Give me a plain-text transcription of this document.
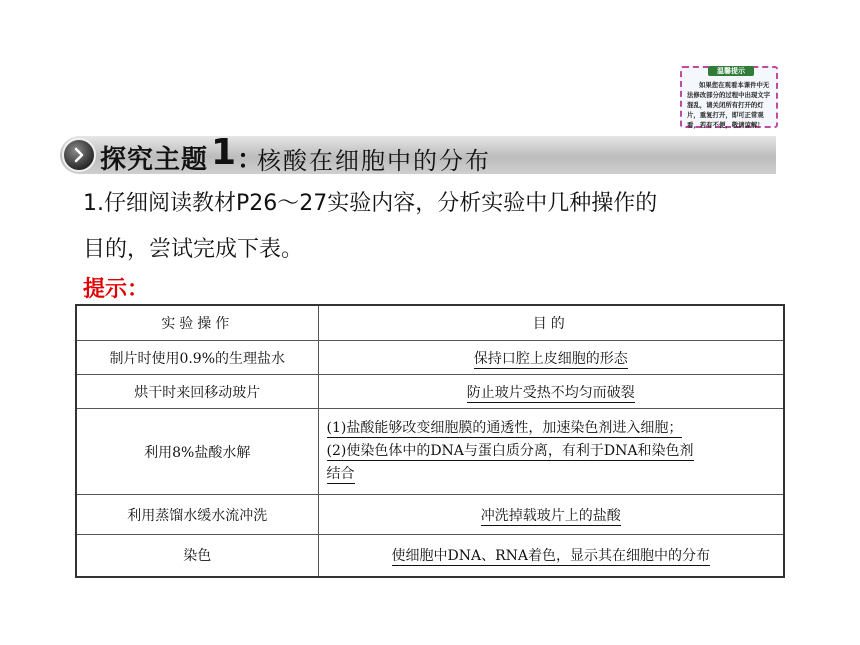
温馨提示
如果您在观看本课件中无法修改部分的过程中出现文字混乱，请关闭所有打开的灯片，重复打开，即可正常观看，若有不便，敬请谅解！
探究主题 1 ：
核酸在细胞中的分布
1.仔细阅读教材P26～27实验内容，分析实验中几种操作的
目的，尝试完成下表。
提示：
实验操作	目的
制片时使用0.9%的生理盐水	保持口腔上皮细胞的形态
烘干时来回移动玻片	防止玻片受热不均匀而破裂
利用8%盐酸水解	(1)盐酸能够改变细胞膜的通透性，加速染色剂进入细胞；
(2)使染色体中的DNA与蛋白质分离，有利于DNA和染色剂
结合

利用蒸馏水缓水流冲洗	冲洗掉载玻片上的盐酸
染色	使细胞中DNA、RNA着色，显示其在细胞中的分布
